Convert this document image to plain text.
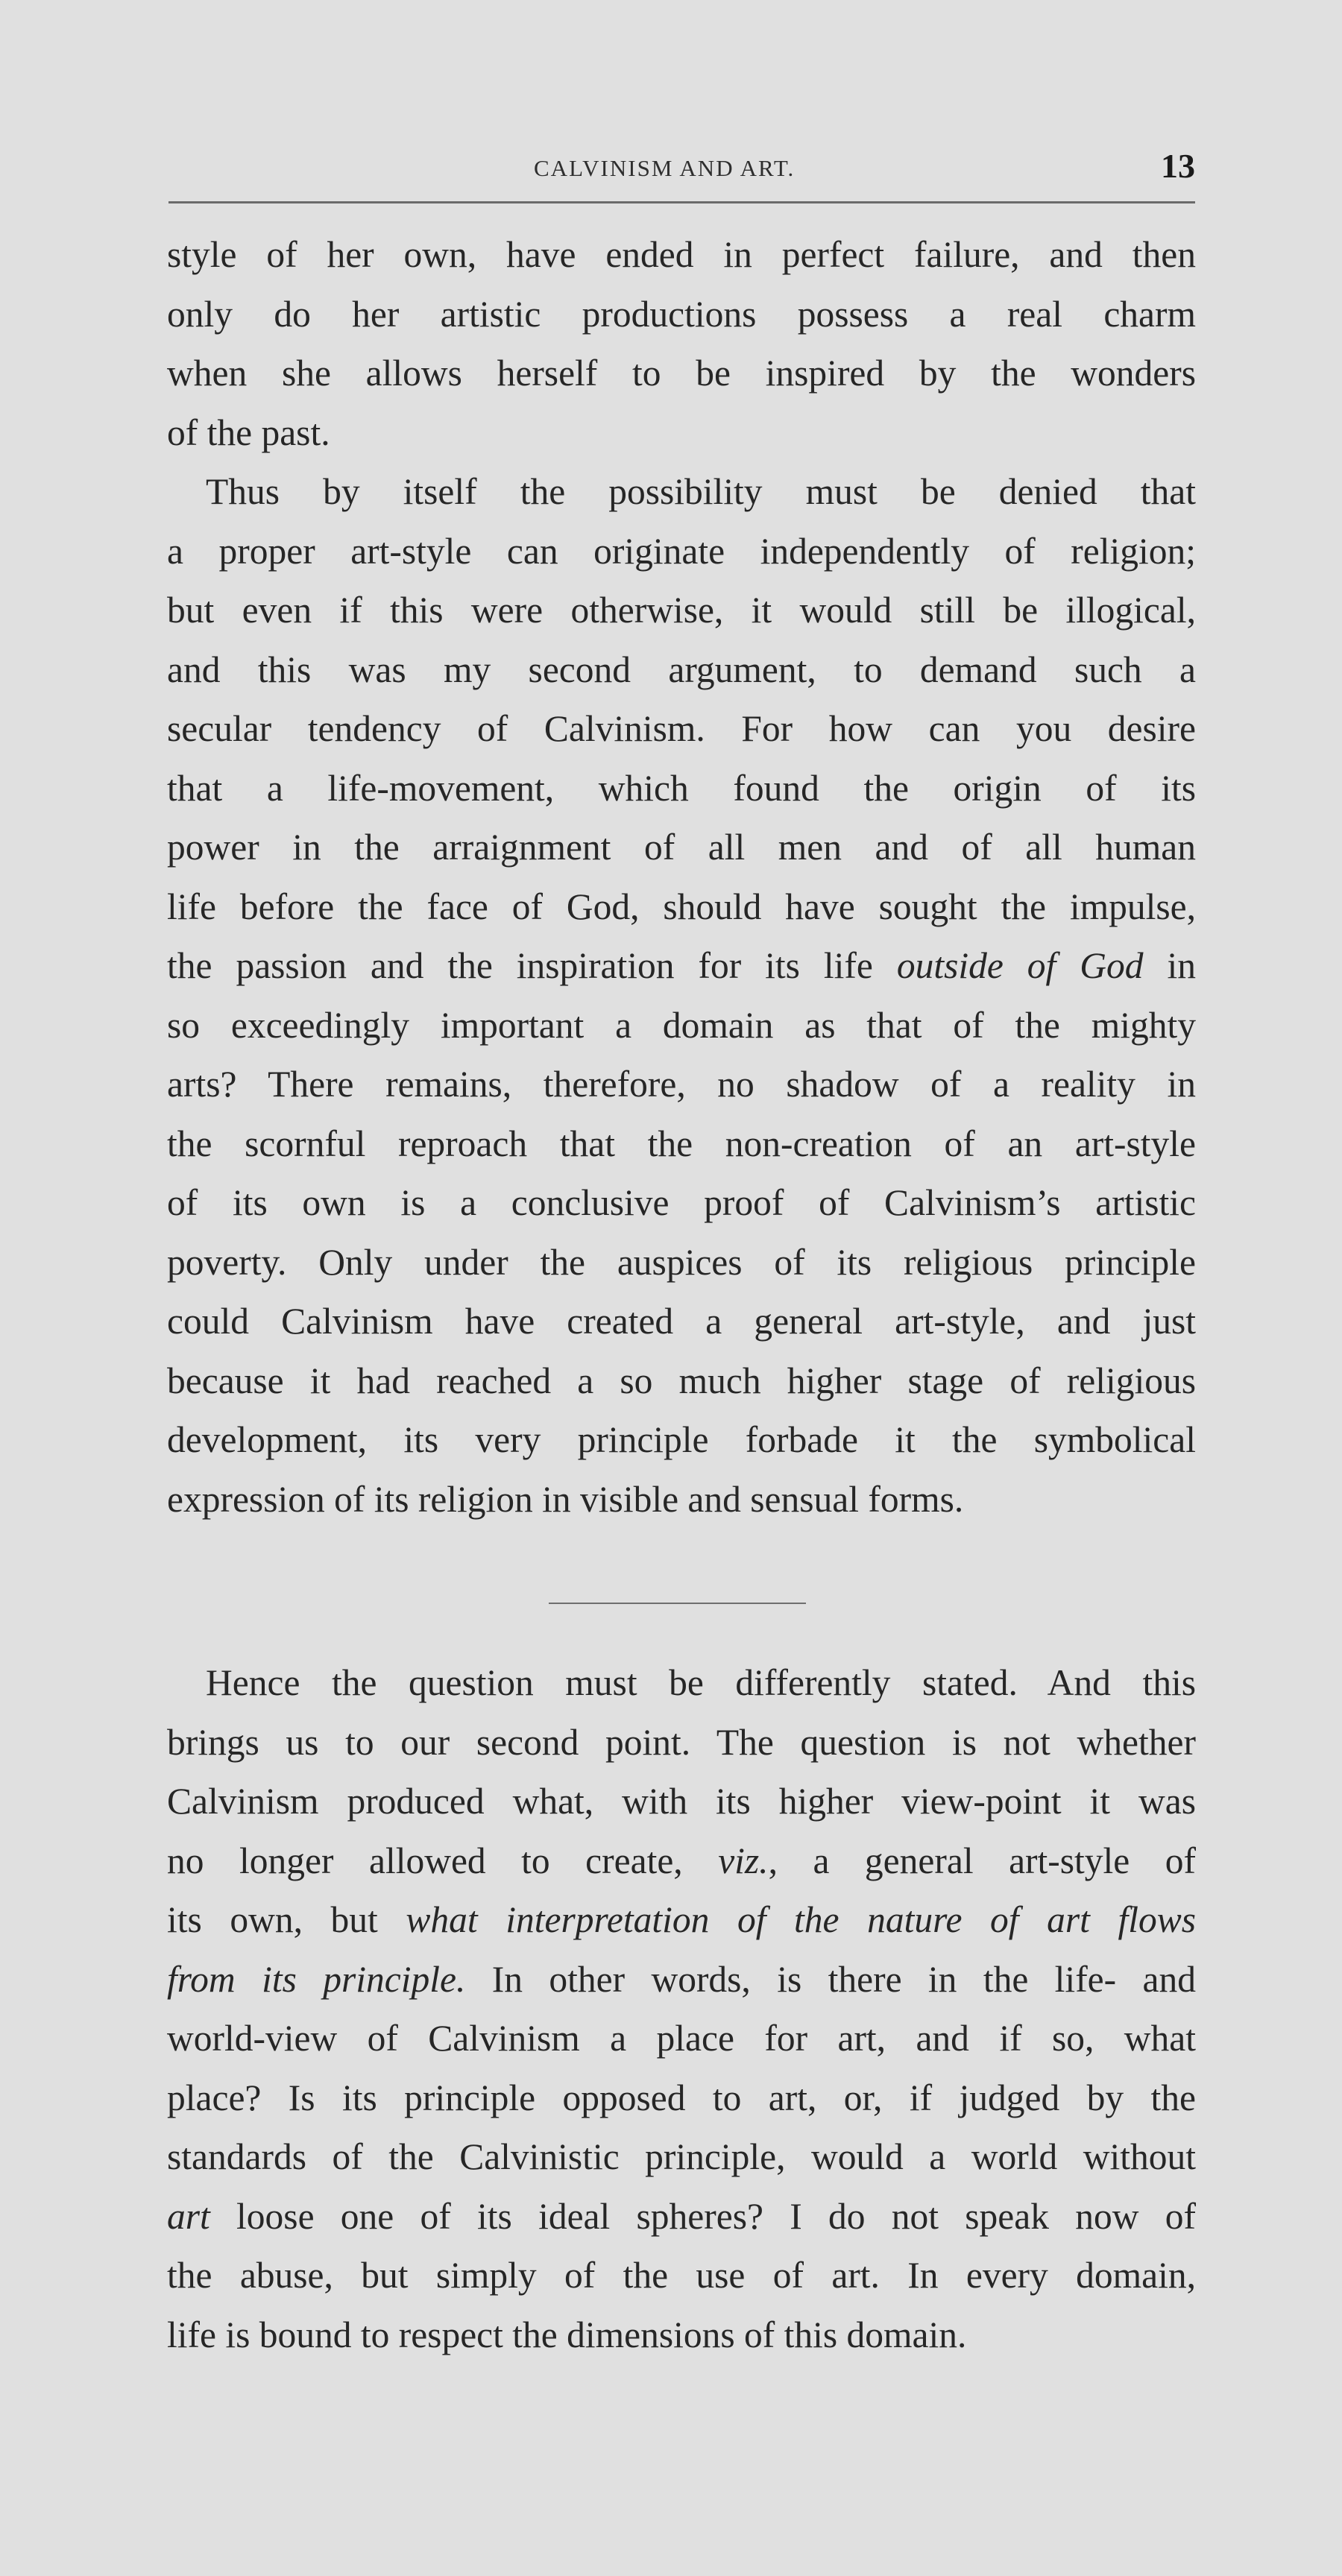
CALVINISM AND ART.	13
style of her own, have ended in perfect failure, and then
only do her artistic productions possess a real charm
when she allows herself to be inspired by the wonders
of the past.
Thus by itself the possibility must be denied that
a proper art-style can originate independently of religion;
but even if this were otherwise, it would still be illogical,
and this was my second argument, to demand such a
secular tendency of Calvinism. For how can you desire
that a life-movement, which found the origin of its
power in the arraignment of all men and of all human
life before the face of God, should have sought the impulse,
the passion and the inspiration for its life outside of God in
so exceedingly important a domain as that of the mighty
arts? There remains, therefore, no shadow of a reality in
the scornful reproach that the non-creation of an art-style
of its own is a conclusive proof of Calvinism’s artistic
poverty. Only under the auspices of its religious principle
could Calvinism have created a general art-style, and just
because it had reached a so much higher stage of religious
development, its very principle forbade it the symbolical
expression of its religion in visible and sensual forms.
Hence the question must be differently stated. And this
brings us to our second point. The question is not whether
Calvinism produced what, with its higher view-point it was
no longer allowed to create, viz., a general art-style of
its own, but what interpretation of the nature of art flows
from its principle. In other words, is there in the life- and
world-view of Calvinism a place for art, and if so, what
place? Is its principle opposed to art, or, if judged by the
standards of the Calvinistic principle, would a world without
art loose one of its ideal spheres? I do not speak now of
the abuse, but simply of the use of art. In every domain,
life is bound to respect the dimensions of this domain.
